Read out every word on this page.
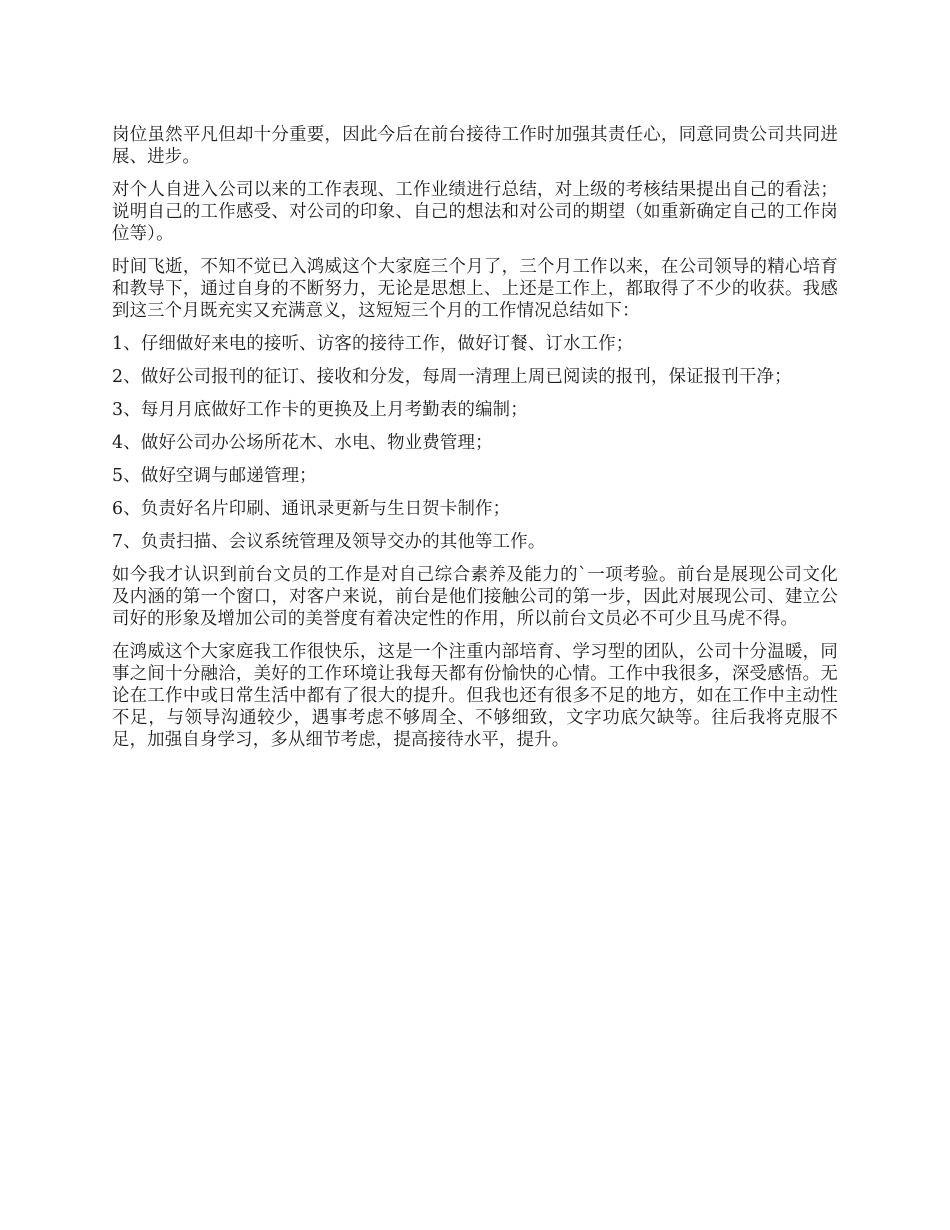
岗位虽然平凡但却十分重要，因此今后在前台接待工作时加强其责任心，同意同贵公司共同进展、进步。

对个人自进入公司以来的工作表现、工作业绩进行总结，对上级的考核结果提出自己的看法；说明自己的工作感受、对公司的印象、自己的想法和对公司的期望（如重新确定自己的工作岗位等）。

时间飞逝，不知不觉已入鸿威这个大家庭三个月了，三个月工作以来，在公司领导的精心培育和教导下，通过自身的不断努力，无论是思想上、上还是工作上，都取得了不少的收获。我感到这三个月既充实又充满意义，这短短三个月的工作情况总结如下：

1、仔细做好来电的接听、访客的接待工作，做好订餐、订水工作；

2、做好公司报刊的征订、接收和分发，每周一清理上周已阅读的报刊，保证报刊干净；

3、每月月底做好工作卡的更换及上月考勤表的编制；

4、做好公司办公场所花木、水电、物业费管理；

5、做好空调与邮递管理；

6、负责好名片印刷、通讯录更新与生日贺卡制作；

7、负责扫描、会议系统管理及领导交办的其他等工作。

如今我才认识到前台文员的工作是对自己综合素养及能力的`一项考验。前台是展现公司文化及内涵的第一个窗口，对客户来说，前台是他们接触公司的第一步，因此对展现公司、建立公司好的形象及增加公司的美誉度有着决定性的作用，所以前台文员必不可少且马虎不得。

在鸿威这个大家庭我工作很快乐，这是一个注重内部培育、学习型的团队，公司十分温暖，同事之间十分融洽，美好的工作环境让我每天都有份愉快的心情。工作中我很多，深受感悟。无论在工作中或日常生活中都有了很大的提升。但我也还有很多不足的地方，如在工作中主动性不足，与领导沟通较少，遇事考虑不够周全、不够细致，文字功底欠缺等。往后我将克服不足，加强自身学习，多从细节考虑，提高接待水平，提升。
